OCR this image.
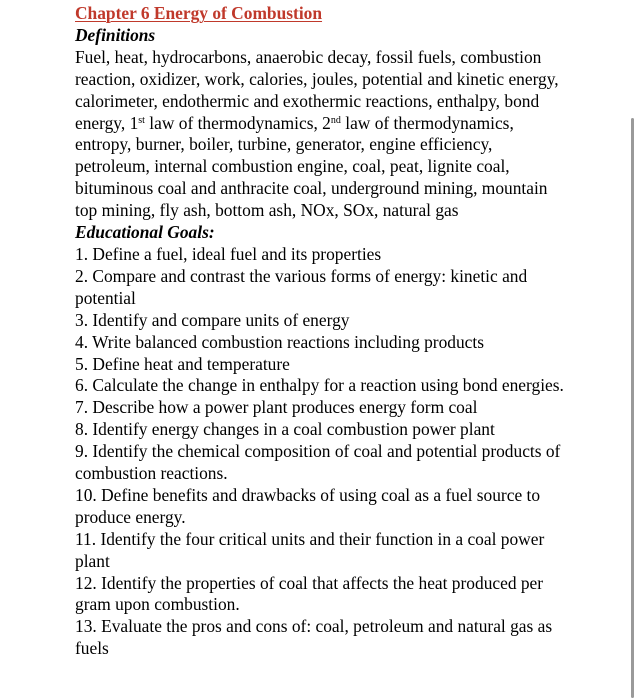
Chapter 6 Energy of Combustion
Definitions

Fuel, heat, hydrocarbons, anaerobic decay, fossil fuels, combustion reaction, oxidizer, work, calories, joules, potential and kinetic energy, calorimeter, endothermic and exothermic reactions, enthalpy, bond energy, 1st law of thermodynamics, 2nd law of thermodynamics, entropy, burner, boiler, turbine, generator, engine efficiency, petroleum, internal combustion engine, coal, peat, lignite coal, bituminous coal and anthracite coal, underground mining, mountain top mining, fly ash, bottom ash, NOx, SOx, natural gas

Educational Goals:
1. Define a fuel, ideal fuel and its properties
2. Compare and contrast the various forms of energy: kinetic and potential
3. Identify and compare units of energy
4. Write balanced combustion reactions including products
5. Define heat and temperature
6. Calculate the change in enthalpy for a reaction using bond energies.
7. Describe how a power plant produces energy form coal
8. Identify energy changes in a coal combustion power plant
9. Identify the chemical composition of coal and potential products of combustion reactions.
10. Define benefits and drawbacks of using coal as a fuel source to produce energy.
11. Identify the four critical units and their function in a coal power plant
12. Identify the properties of coal that affects the heat produced per gram upon combustion.
13. Evaluate the pros and cons of: coal, petroleum and natural gas as fuels
